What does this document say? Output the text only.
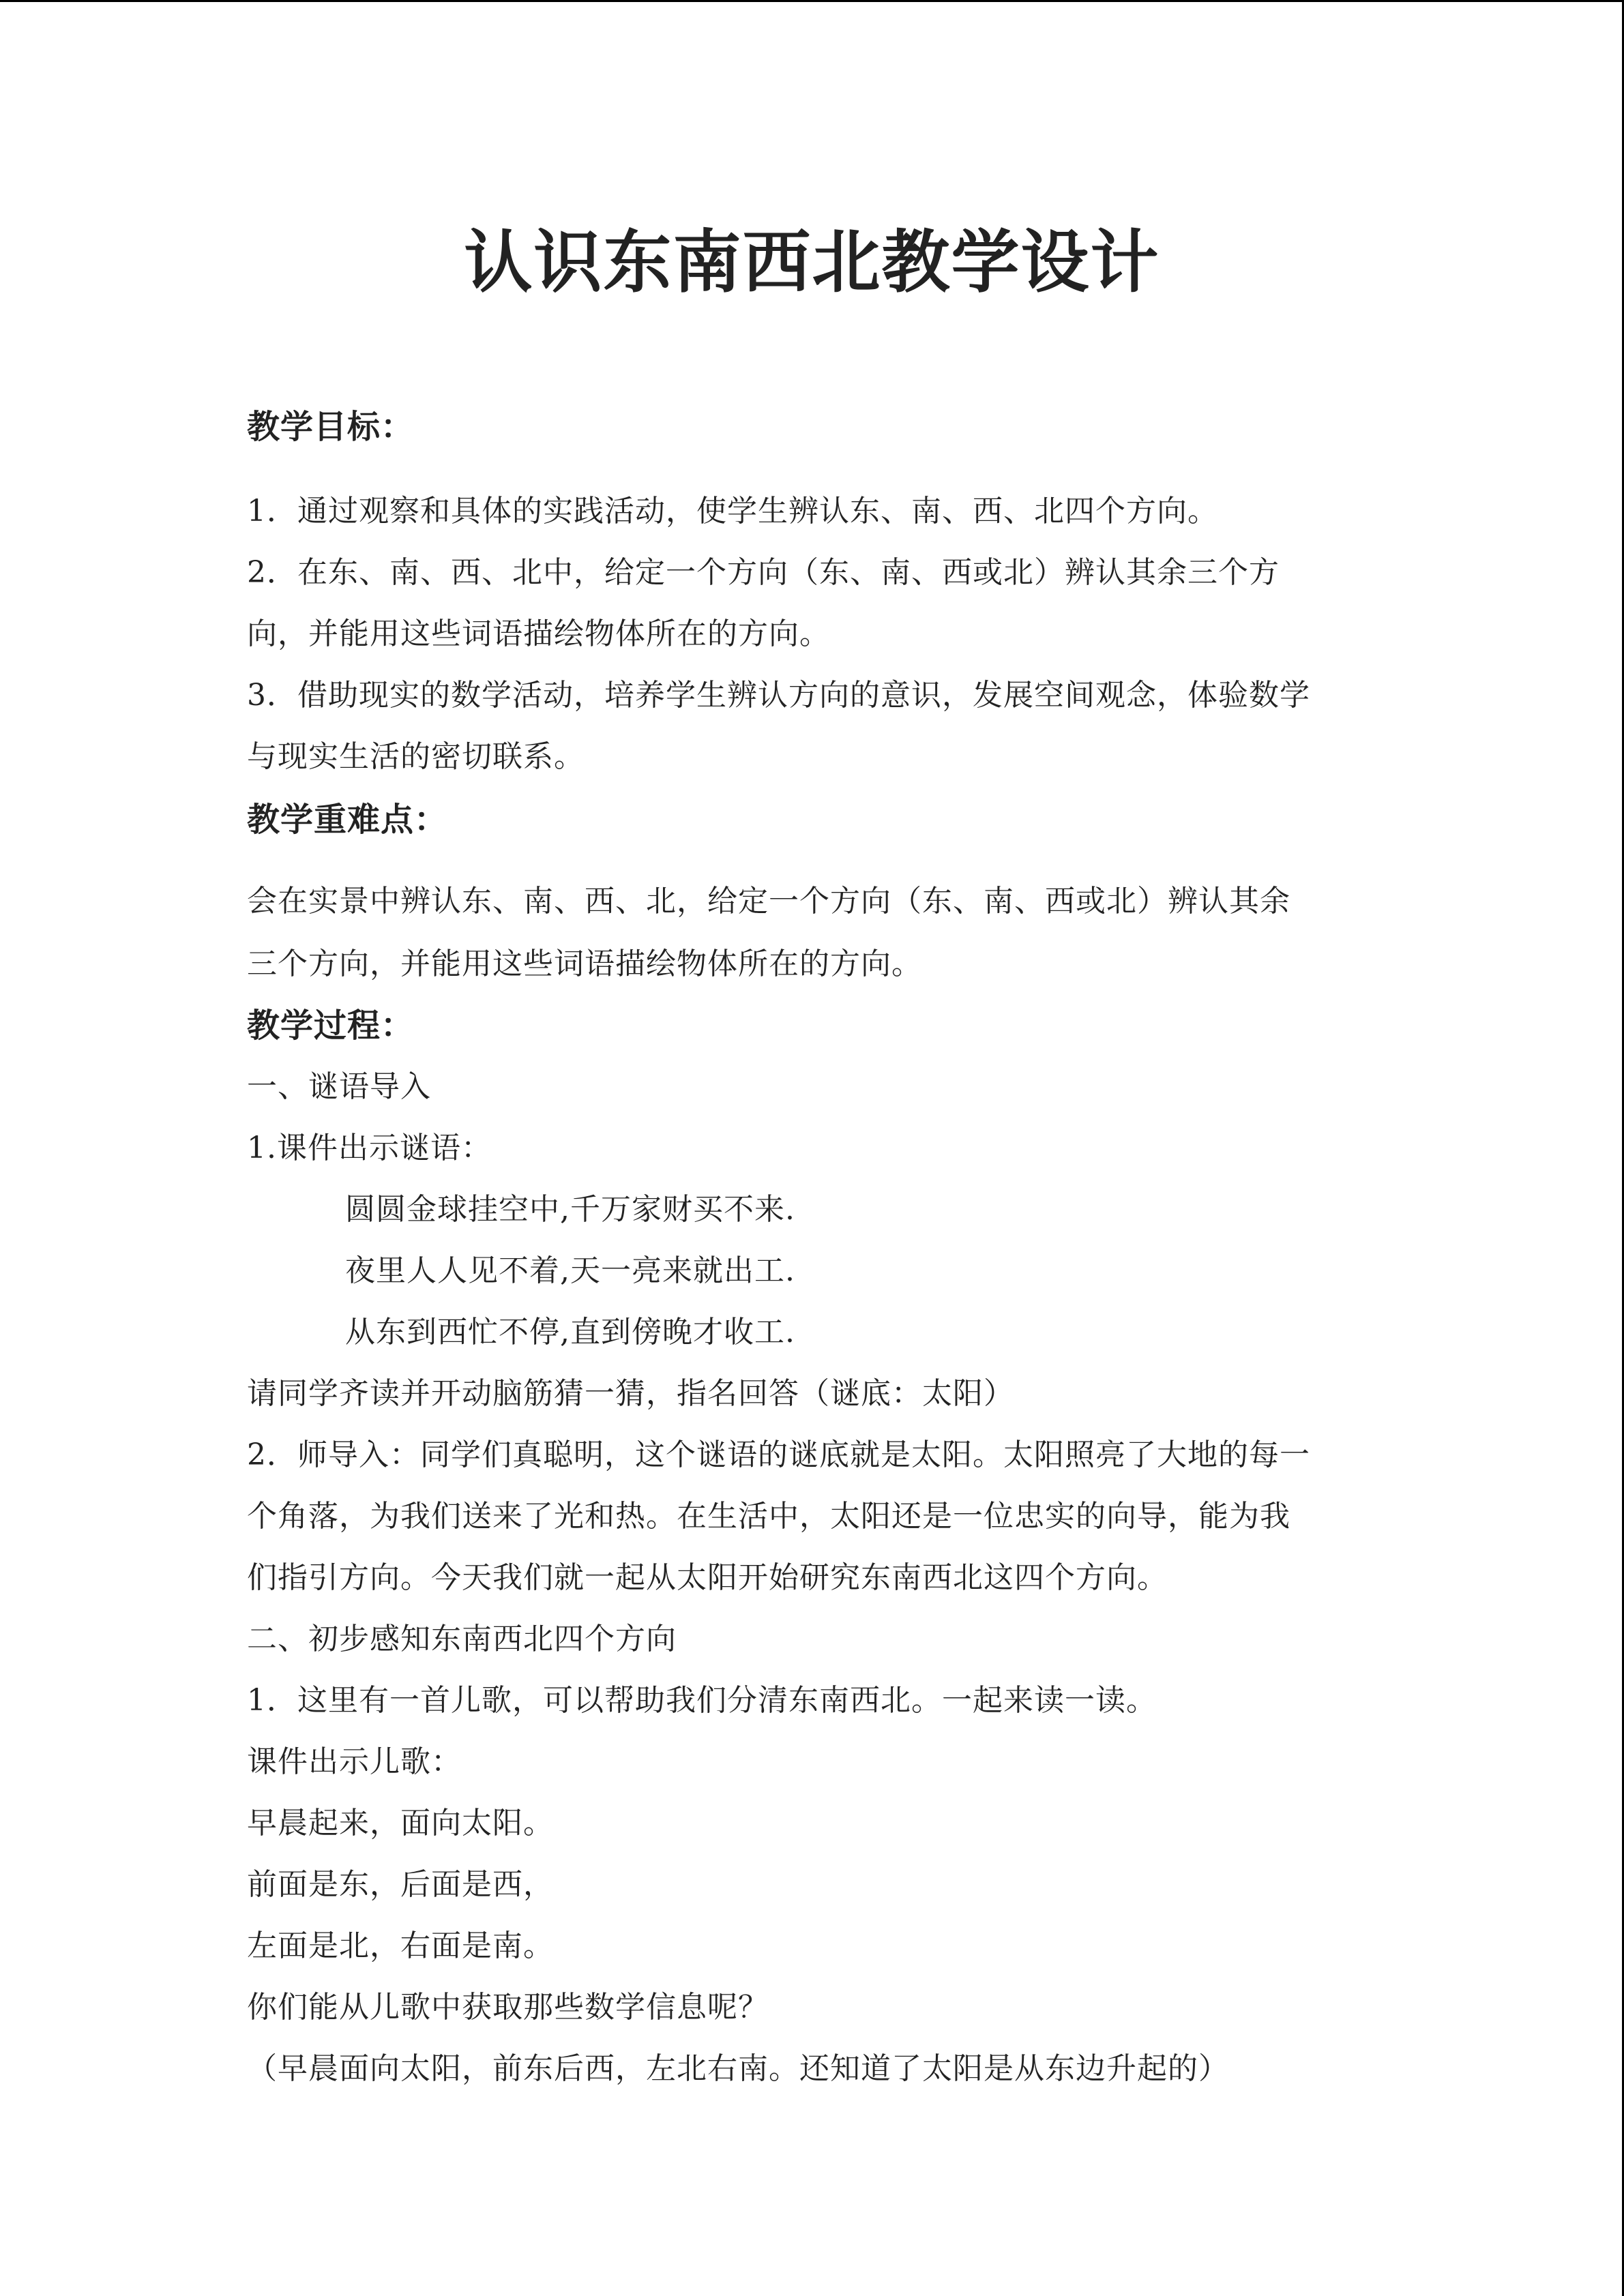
认识东南西北教学设计
教学目标：
1．通过观察和具体的实践活动，使学生辨认东、南、西、北四个方向。
2．在东、南、西、北中，给定一个方向（东、南、西或北）辨认其余三个方
向，并能用这些词语描绘物体所在的方向。
3．借助现实的数学活动，培养学生辨认方向的意识，发展空间观念，体验数学
与现实生活的密切联系。
教学重难点：
会在实景中辨认东、南、西、北，给定一个方向（东、南、西或北）辨认其余
三个方向，并能用这些词语描绘物体所在的方向。
教学过程：
一、谜语导入
1.课件出示谜语：
圆圆金球挂空中,千万家财买不来.
夜里人人见不着,天一亮来就出工.
从东到西忙不停,直到傍晚才收工.
请同学齐读并开动脑筋猜一猜，指名回答（谜底：太阳）
2．师导入：同学们真聪明，这个谜语的谜底就是太阳。太阳照亮了大地的每一
个角落，为我们送来了光和热。在生活中，太阳还是一位忠实的向导，能为我
们指引方向。今天我们就一起从太阳开始研究东南西北这四个方向。
二、初步感知东南西北四个方向
1．这里有一首儿歌，可以帮助我们分清东南西北。一起来读一读。
课件出示儿歌：
早晨起来，面向太阳。
前面是东，后面是西，
左面是北，右面是南。
你们能从儿歌中获取那些数学信息呢？
（早晨面向太阳，前东后西，左北右南。还知道了太阳是从东边升起的）
